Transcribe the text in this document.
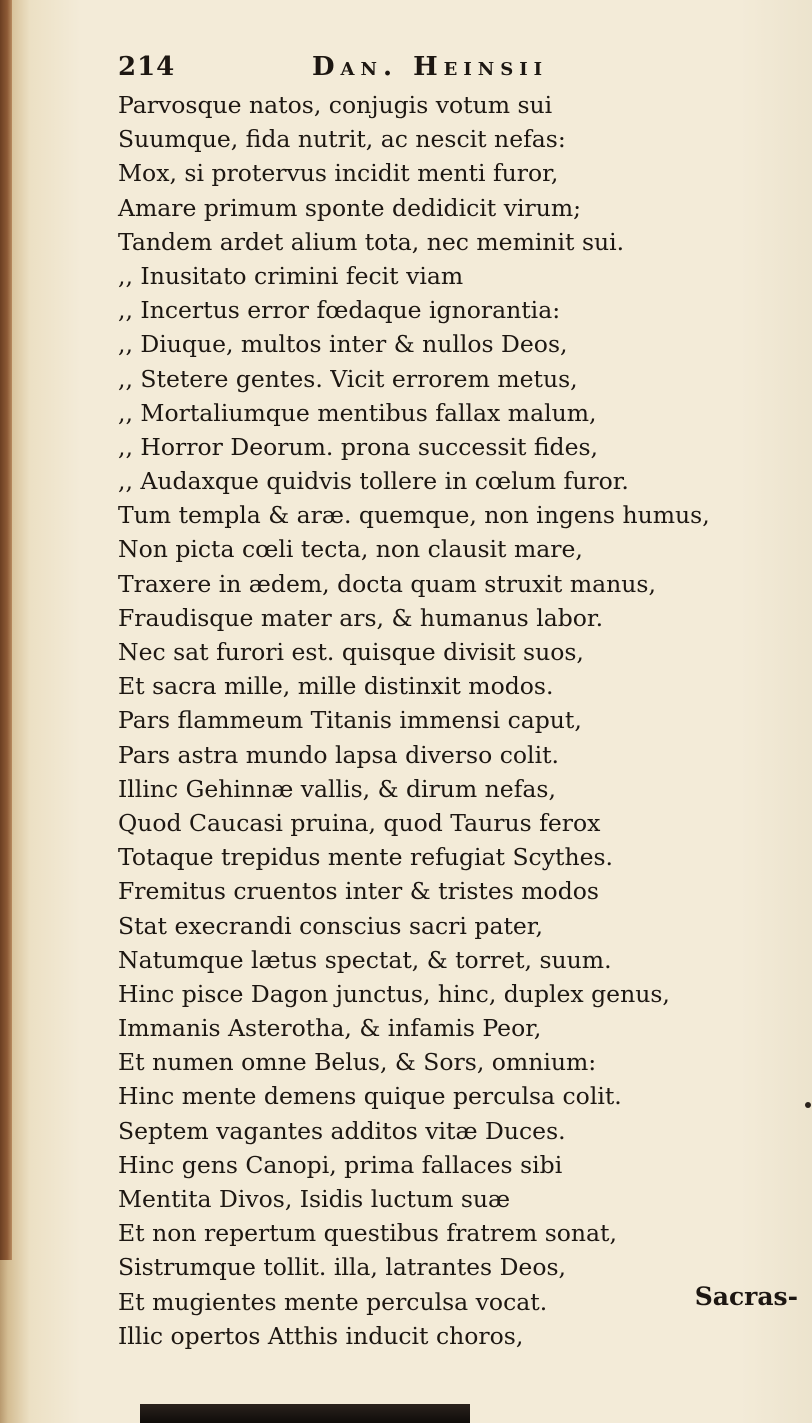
214	Dan. Heinsii
Parvosque natos, conjugis votum sui
Suumque, fida nutrit, ac nescit nefas:
Mox, si protervus incidit menti furor,
Amare primum sponte dedidicit virum;
Tandem ardet alium tota, nec meminit sui.
,, Inusitato crimini fecit viam
,, Incertus error fœdaque ignorantia:
,, Diuque, multos inter & nullos Deos,
,, Stetere gentes. Vicit errorem metus,
,, Mortaliumque mentibus fallax malum,
,, Horror Deorum. prona successit fides,
,, Audaxque quidvis tollere in cœlum furor.
Tum templa & aræ. quemque, non ingens humus,
Non picta cœli tecta, non clausit mare,
Traxere in ædem, docta quam struxit manus,
Fraudisque mater ars, & humanus labor.
Nec sat furori est. quisque divisit suos,
Et sacra mille, mille distinxit modos.
Pars flammeum Titanis immensi caput,
Pars astra mundo lapsa diverso colit.
Illinc Gehinnæ vallis, & dirum nefas,
Quod Caucasi pruina, quod Taurus ferox
Totaque trepidus mente refugiat Scythes.
Fremitus cruentos inter & tristes modos
Stat execrandi conscius sacri pater,
Natumque lætus spectat, & torret, suum.
Hinc pisce Dagon junctus, hinc, duplex genus,
Immanis Asterotha, & infamis Peor,
Et numen omne Belus, & Sors, omnium:
Hinc mente demens quique perculsa colit.
Septem vagantes additos vitæ Duces.
Hinc gens Canopi, prima fallaces sibi
Mentita Divos, Isidis luctum suæ
Et non repertum questibus fratrem sonat,
Sistrumque tollit. illa, latrantes Deos,
Et mugientes mente perculsa vocat.
Illic opertos Atthis inducit choros,
Sacras-
